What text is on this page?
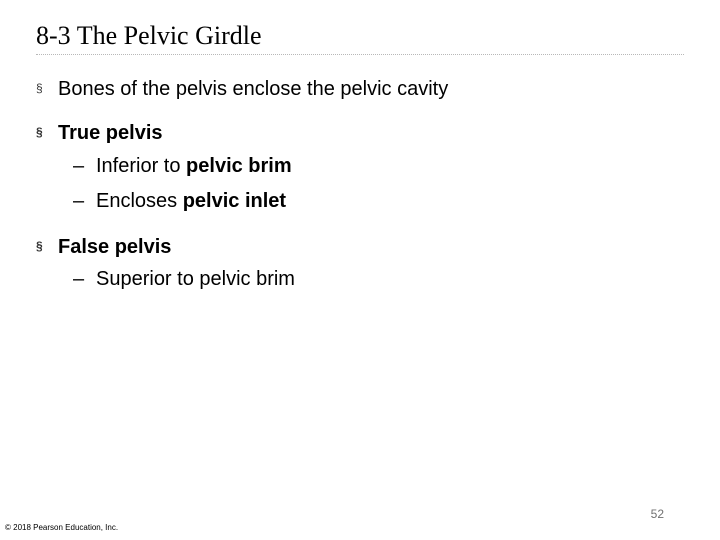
8-3 The Pelvic Girdle
§ Bones of the pelvis enclose the pelvic cavity
§ True pelvis
– Inferior to pelvic brim
– Encloses pelvic inlet
§ False pelvis
– Superior to pelvic brim
52
© 2018 Pearson Education, Inc.
